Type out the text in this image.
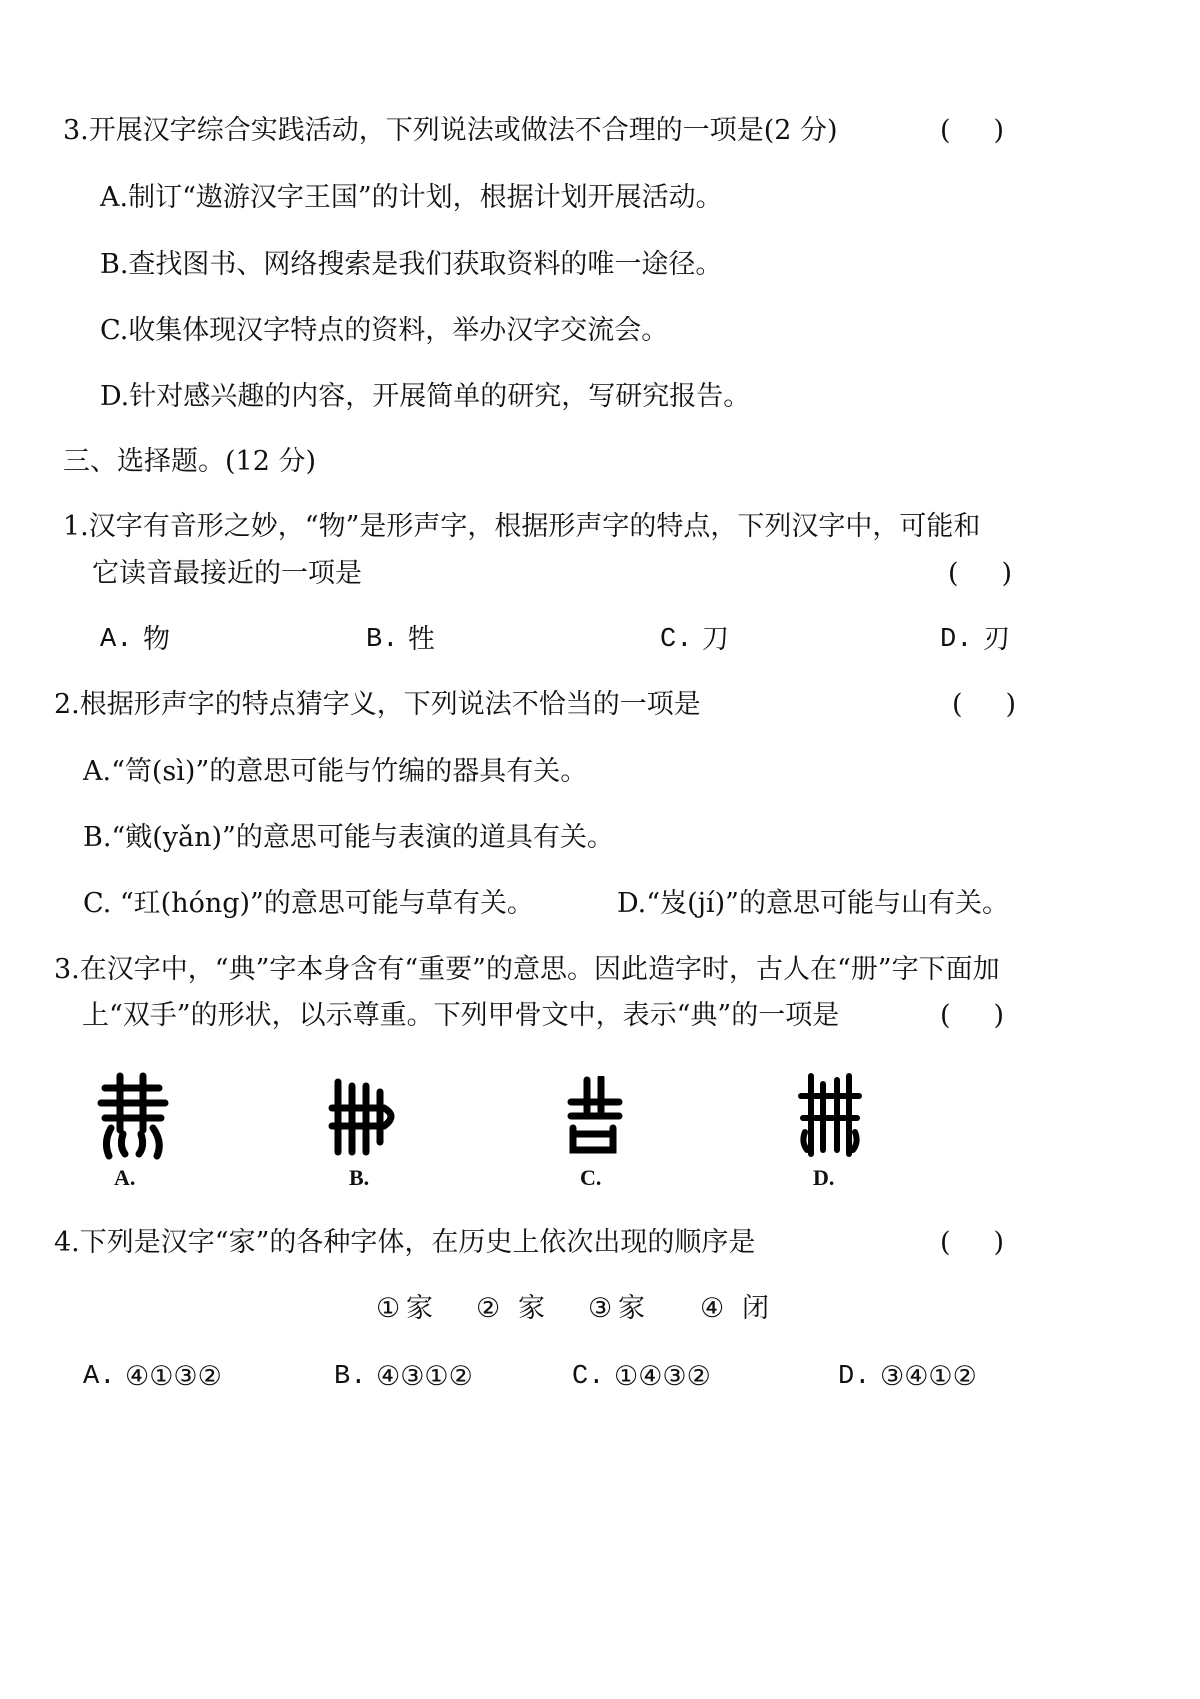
3.开展汉字综合实践活动，下列说法或做法不合理的一项是(2 分)	(     )
A.制订“遨游汉字王国”的计划，根据计划开展活动。
B.查找图书、网络搜索是我们获取资料的唯一途径。
C.收集体现汉字特点的资料，举办汉字交流会。
D.针对感兴趣的内容，开展简单的研究，写研究报告。
三、选择题。(12 分)
1.汉字有音形之妙，“物”是形声字，根据形声字的特点，下列汉字中，可能和
它读音最接近的一项是	(     )
A. 物	B. 牲	C. 刀	D. 刃
2.根据形声字的特点猜字义，下列说法不恰当的一项是	(     )
A.“笥(sì)”的意思可能与竹编的器具有关。
B.“戭(yǎn)”的意思可能与表演的道具有关。
C. “玒(hóng)”的意思可能与草有关。	D.“岌(jí)”的意思可能与山有关。
3.在汉字中，“典”字本身含有“重要”的意思。因此造字时，古人在“册”字下面加
上“双手”的形状，以示尊重。下列甲骨文中，表示“典”的一项是	(     )
A.	B.	C.	D.
4.下列是汉字“家”的各种字体，在历史上依次出现的顺序是	(     )
① 家 ② 家 ③ 家 ④ 闭
A. ④①③②	B. ④③①②	C. ①④③②	D. ③④①②
